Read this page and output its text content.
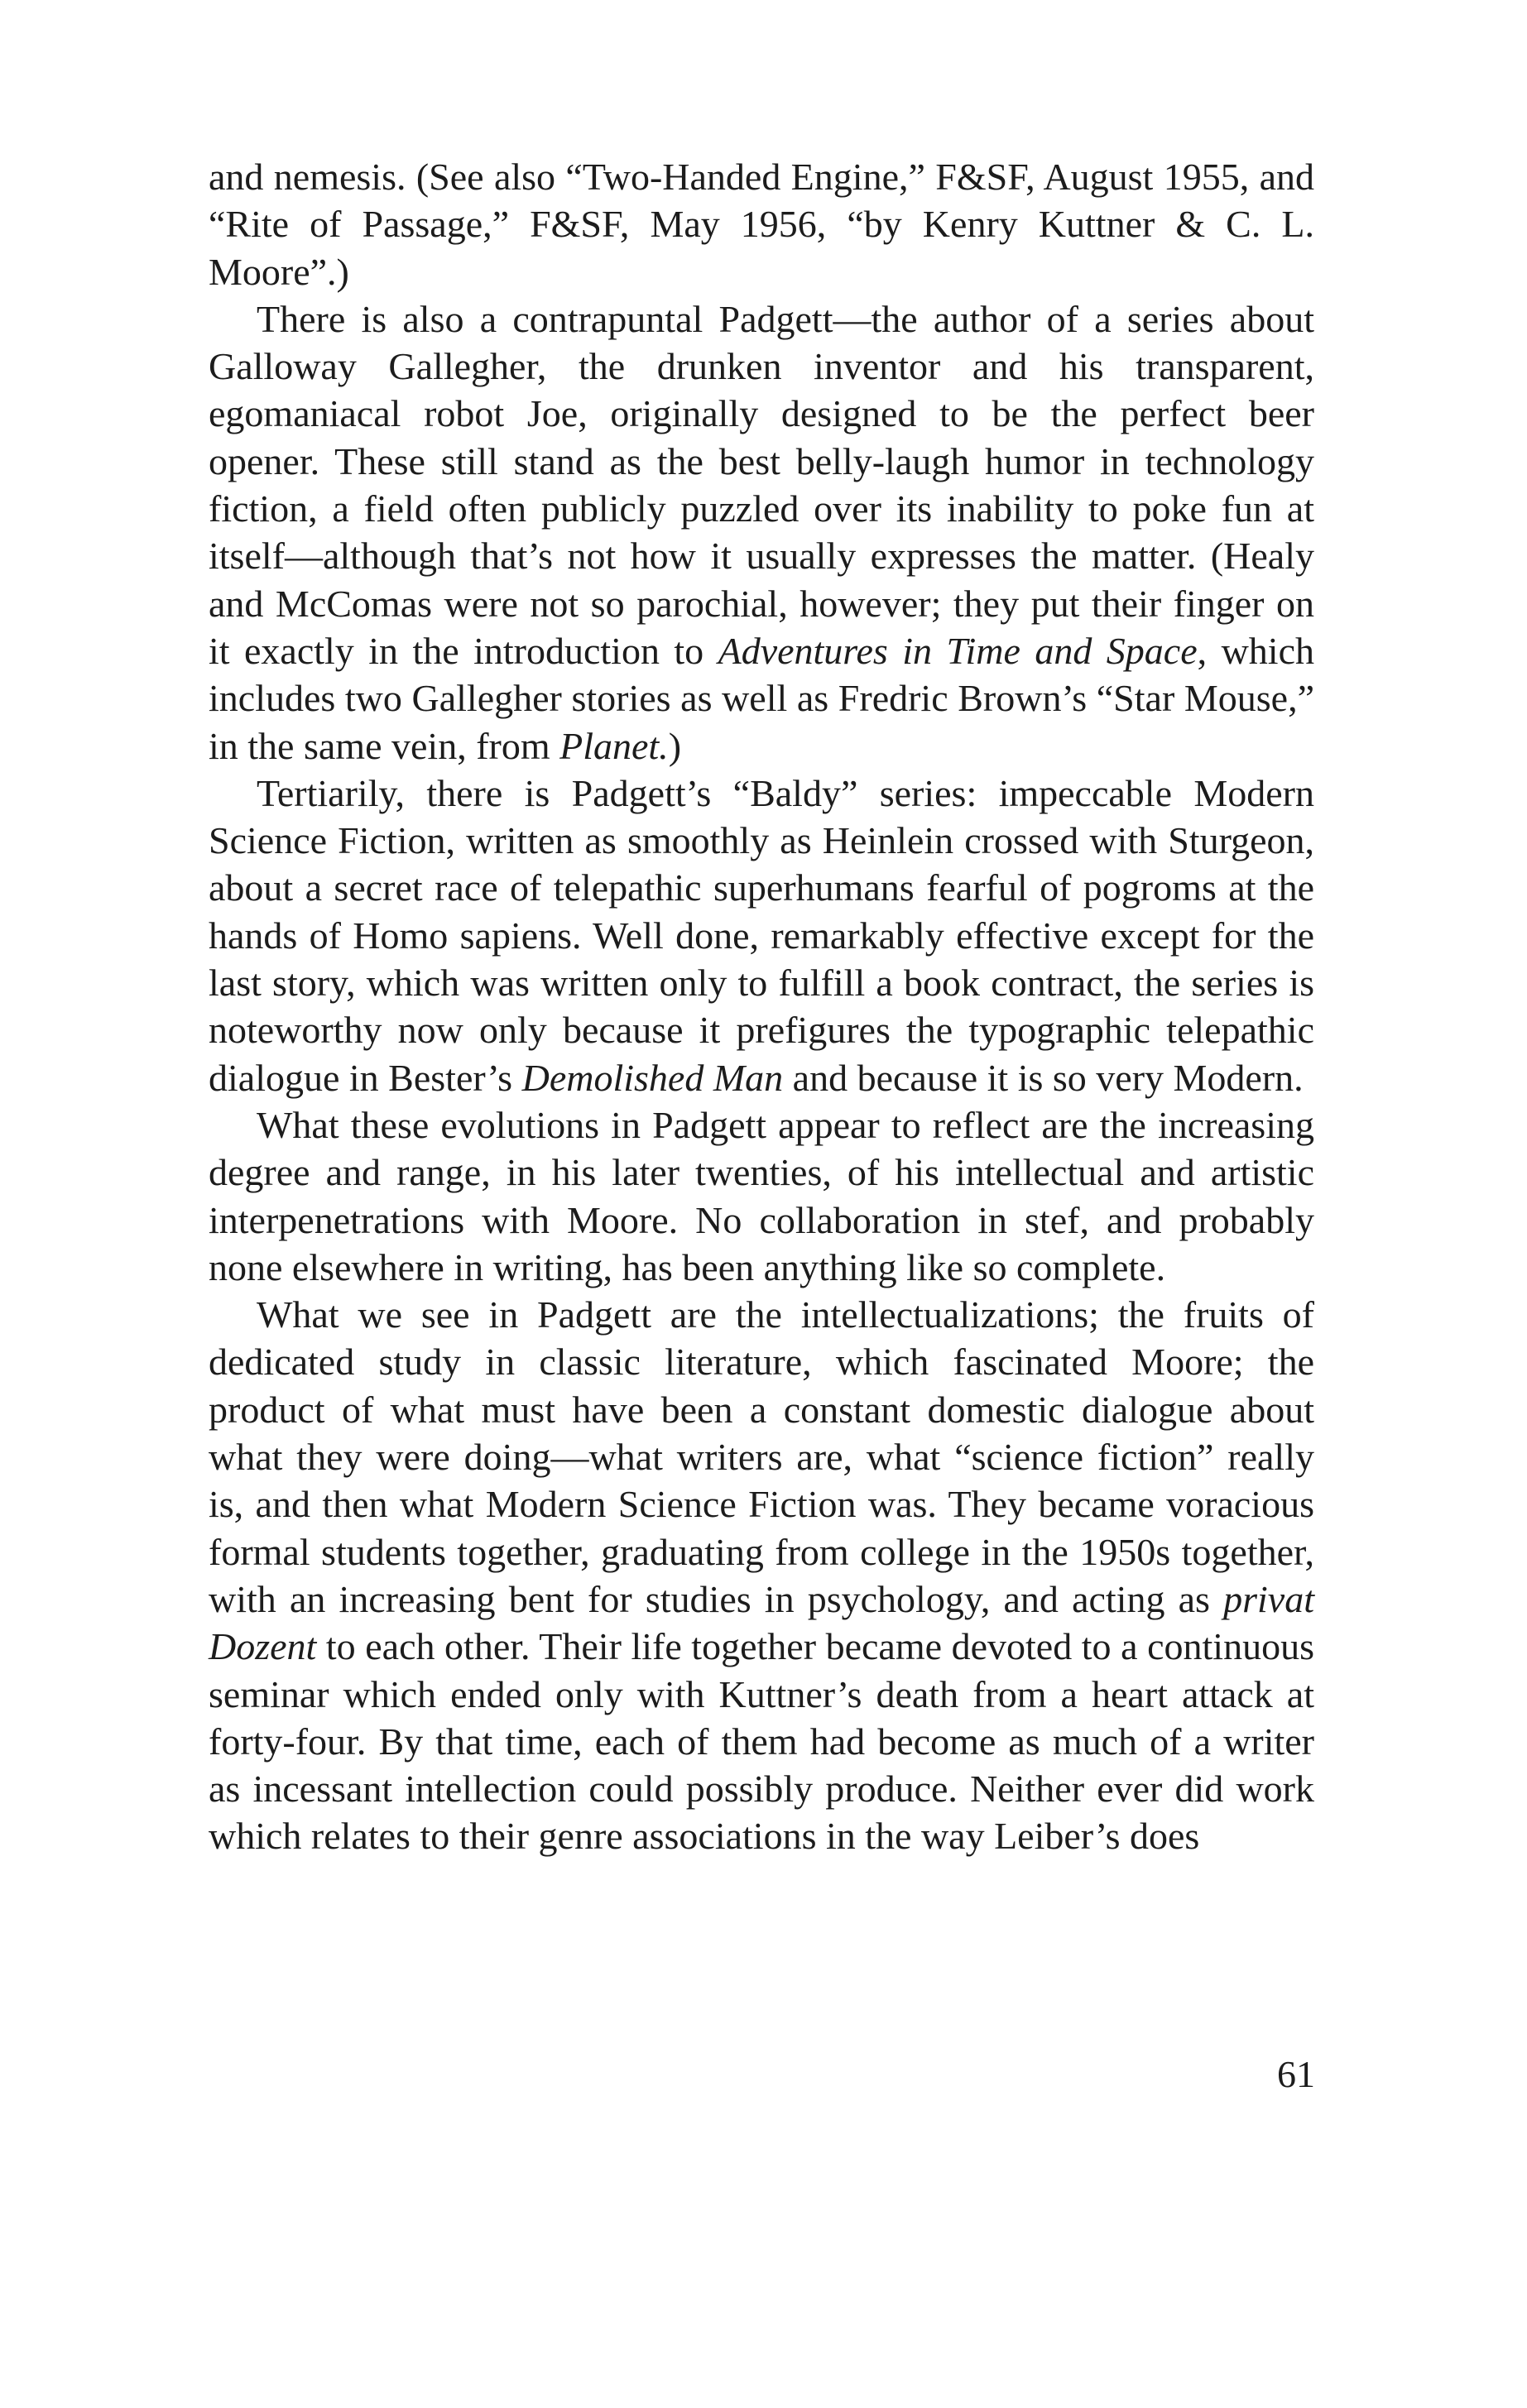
and nemesis. (See also “Two-Handed Engine,” F&SF, August 1955, and “Rite of Passage,” F&SF, May 1956, “by Kenry Kuttner & C. L. Moore”.)

There is also a contrapuntal Padgett—the author of a series about Galloway Gallegher, the drunken inventor and his transparent, egomaniacal robot Joe, originally designed to be the perfect beer opener. These still stand as the best belly-laugh humor in technology fiction, a field often publicly puzzled over its inability to poke fun at itself—although that’s not how it usually expresses the matter. (Healy and McComas were not so parochial, however; they put their finger on it exactly in the introduction to Adventures in Time and Space, which includes two Gallegher stories as well as Fredric Brown’s “Star Mouse,” in the same vein, from Planet.)

Tertiarily, there is Padgett’s “Baldy” series: impeccable Modern Science Fiction, written as smoothly as Heinlein crossed with Sturgeon, about a secret race of telepathic superhumans fearful of pogroms at the hands of Homo sapiens. Well done, remarkably effective except for the last story, which was written only to fulfill a book contract, the series is noteworthy now only because it prefigures the typographic telepathic dialogue in Bester’s Demolished Man and because it is so very Modern.

What these evolutions in Padgett appear to reflect are the increasing degree and range, in his later twenties, of his intellectual and artistic interpenetrations with Moore. No collaboration in stef, and probably none elsewhere in writing, has been anything like so complete.

What we see in Padgett are the intellectualizations; the fruits of dedicated study in classic literature, which fascinated Moore; the product of what must have been a constant domestic dialogue about what they were doing—what writers are, what “science fiction” really is, and then what Modern Science Fiction was. They became voracious formal students together, graduating from college in the 1950s together, with an increasing bent for studies in psychology, and acting as privat Dozent to each other. Their life together became devoted to a continuous seminar which ended only with Kuttner’s death from a heart attack at forty-four. By that time, each of them had become as much of a writer as incessant intellection could possibly produce. Neither ever did work which relates to their genre associations in the way Leiber’s does

61
